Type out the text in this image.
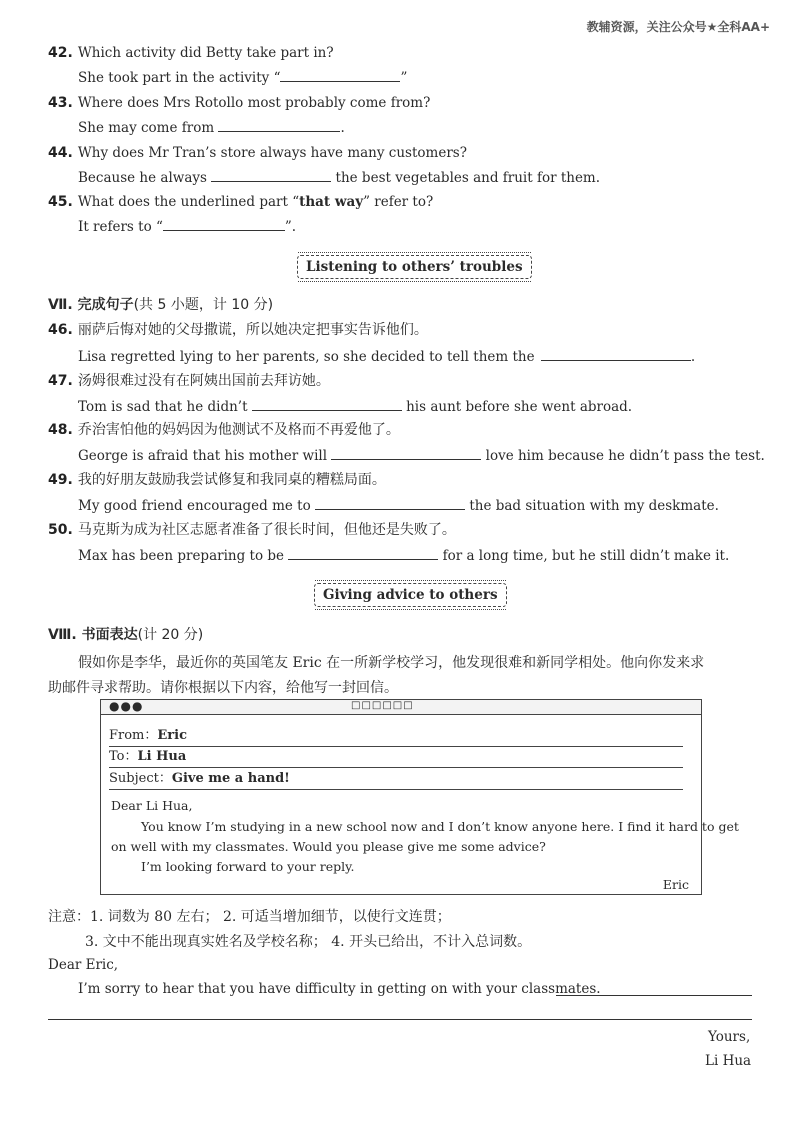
教辅资源，关注公众号★全科AA+
42. Which activity did Betty take part in?
She took part in the activity “	”
43. Where does Mrs Rotollo most probably come from?
She may come from	.
44. Why does Mr Tran’s store always have many customers?
Because he always	the best vegetables and fruit for them.
45. What does the underlined part “that way” refer to?
It refers to “	”.
Listening to others’ troubles
Ⅶ. 完成句子(共 5 小题，计 10 分)
46. 丽萨后悔对她的父母撒谎，所以她决定把事实告诉他们。
Lisa regretted lying to her parents, so she decided to tell them the	.
47. 汤姆很难过没有在阿姨出国前去拜访她。
Tom is sad that he didn’t	his aunt before she went abroad.
48. 乔治害怕他的妈妈因为他测试不及格而不再爱他了。
George is afraid that his mother will	love him because he didn’t pass the test.
49. 我的好朋友鼓励我尝试修复和我同桌的糟糕局面。
My good friend encouraged me to	the bad situation with my deskmate.
50. 马克斯为成为社区志愿者准备了很长时间，但他还是失败了。
Max has been preparing to be	for a long time, but he still didn’t make it.
Giving advice to others
Ⅷ. 书面表达(计 20 分)
假如你是李华，最近你的英国笔友 Eric 在一所新学校学习，他发现很难和新同学相处。他向你发来求
助邮件寻求帮助。请你根据以下内容，给他写一封回信。
●●●	□□□□□□
From：Eric
To：Li Hua
Subject：Give me a hand!
Dear Li Hua,
You know I’m studying in a new school now and I don’t know anyone here. I find it hard to get
on well with my classmates. Would you please give me some advice?
I’m looking forward to your reply.
Eric
注意：1. 词数为 80 左右； 2. 可适当增加细节，以使行文连贯；
3. 文中不能出现真实姓名及学校名称； 4. 开头已给出，不计入总词数。
Dear Eric,
I’m sorry to hear that you have difficulty in getting on with your classmates.
Yours,
Li Hua
